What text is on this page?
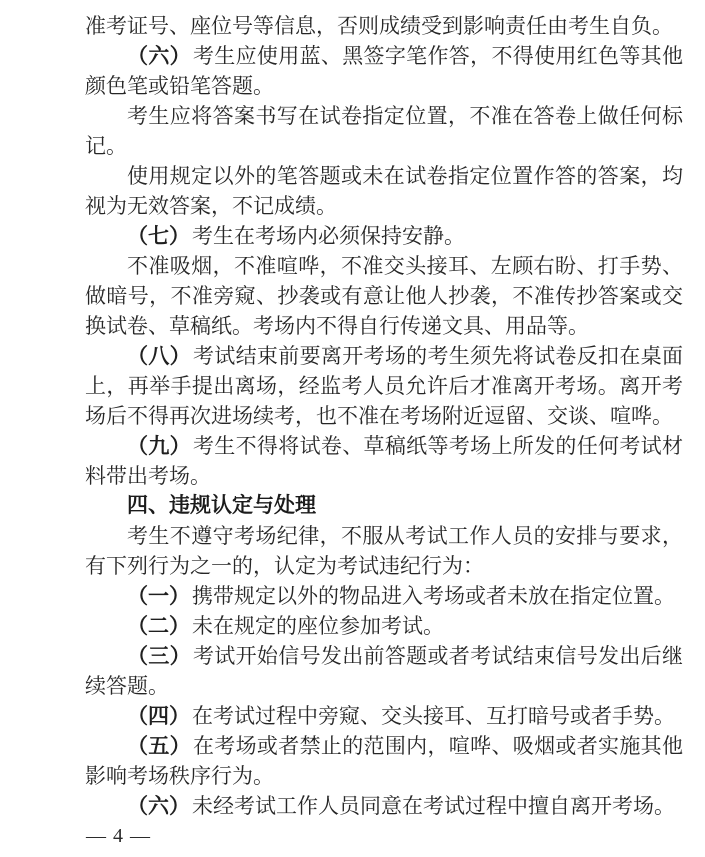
准考证号、座位号等信息，否则成绩受到影响责任由考生自负。

（六）考生应使用蓝、黑签字笔作答，不得使用红色等其他颜色笔或铅笔答题。

考生应将答案书写在试卷指定位置，不准在答卷上做任何标记。

使用规定以外的笔答题或未在试卷指定位置作答的答案，均视为无效答案，不记成绩。

（七）考生在考场内必须保持安静。

不准吸烟，不准喧哗，不准交头接耳、左顾右盼、打手势、做暗号，不准旁窥、抄袭或有意让他人抄袭，不准传抄答案或交换试卷、草稿纸。考场内不得自行传递文具、用品等。

（八）考试结束前要离开考场的考生须先将试卷反扣在桌面上，再举手提出离场，经监考人员允许后才准离开考场。离开考场后不得再次进场续考，也不准在考场附近逗留、交谈、喧哗。

（九）考生不得将试卷、草稿纸等考场上所发的任何考试材料带出考场。

四、违规认定与处理

考生不遵守考场纪律，不服从考试工作人员的安排与要求，有下列行为之一的，认定为考试违纪行为：

（一）携带规定以外的物品进入考场或者未放在指定位置。

（二）未在规定的座位参加考试。

（三）考试开始信号发出前答题或者考试结束信号发出后继续答题。

（四）在考试过程中旁窥、交头接耳、互打暗号或者手势。

（五）在考场或者禁止的范围内，喧哗、吸烟或者实施其他影响考场秩序行为。

（六）未经考试工作人员同意在考试过程中擅自离开考场。

— 4 —
